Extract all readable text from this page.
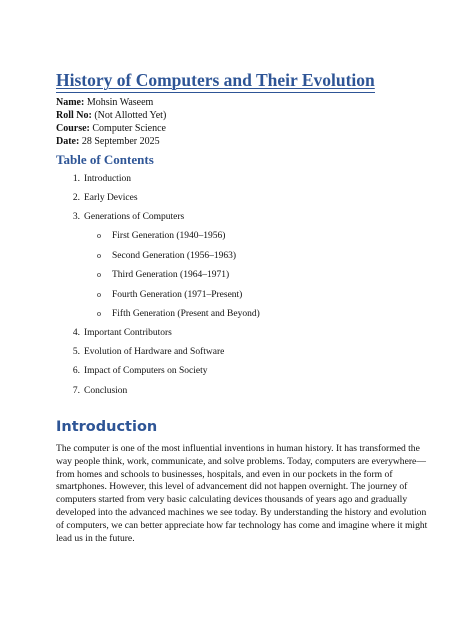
History of Computers and Their Evolution
Name: Mohsin Waseem
Roll No: (Not Allotted Yet)
Course: Computer Science
Date: 28 September 2025
Table of Contents
1. Introduction
2. Early Devices
3. Generations of Computers
o First Generation (1940–1956)
o Second Generation (1956–1963)
o Third Generation (1964–1971)
o Fourth Generation (1971–Present)
o Fifth Generation (Present and Beyond)
4. Important Contributors
5. Evolution of Hardware and Software
6. Impact of Computers on Society
7. Conclusion
Introduction
The computer is one of the most influential inventions in human history. It has transformed the
way people think, work, communicate, and solve problems. Today, computers are everywhere—
from homes and schools to businesses, hospitals, and even in our pockets in the form of
smartphones. However, this level of advancement did not happen overnight. The journey of
computers started from very basic calculating devices thousands of years ago and gradually
developed into the advanced machines we see today. By understanding the history and evolution
of computers, we can better appreciate how far technology has come and imagine where it might
lead us in the future.
